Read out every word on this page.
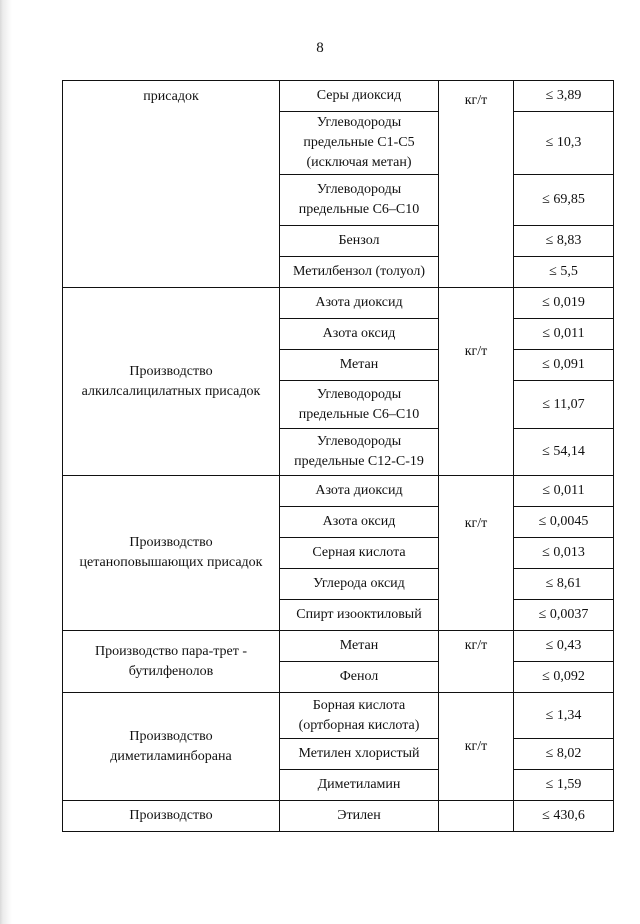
8
присадок	Серы диоксид	кг/т	≤ 3,89
	Углеводороды предельные С1-С5 (исключая метан)		≤ 10,3
	Углеводороды предельные С6–С10		≤ 69,85
	Бензол		≤ 8,83
	Метилбензол (толуол)		≤ 5,5
Производство алкилсалицилатных присадок	Азота диоксид	кг/т	≤ 0,019
	Азота оксид		≤ 0,011
	Метан		≤ 0,091
	Углеводороды предельные С6–С10		≤ 11,07
	Углеводороды предельные С12-С-19		≤ 54,14
Производство цетаноповышающих присадок	Азота диоксид	кг/т	≤ 0,011
	Азота оксид		≤ 0,0045
	Серная кислота		≤ 0,013
	Углерода оксид		≤ 8,61
	Спирт изооктиловый		≤ 0,0037
Производство пара-трет - бутилфенолов	Метан	кг/т	≤ 0,43
	Фенол		≤ 0,092
Производство диметиламинборана	Борная кислота (ортборная кислота)	кг/т	≤ 1,34
	Метилен хлористый		≤ 8,02
	Диметиламин		≤ 1,59
Производство	Этилен		≤ 430,6
